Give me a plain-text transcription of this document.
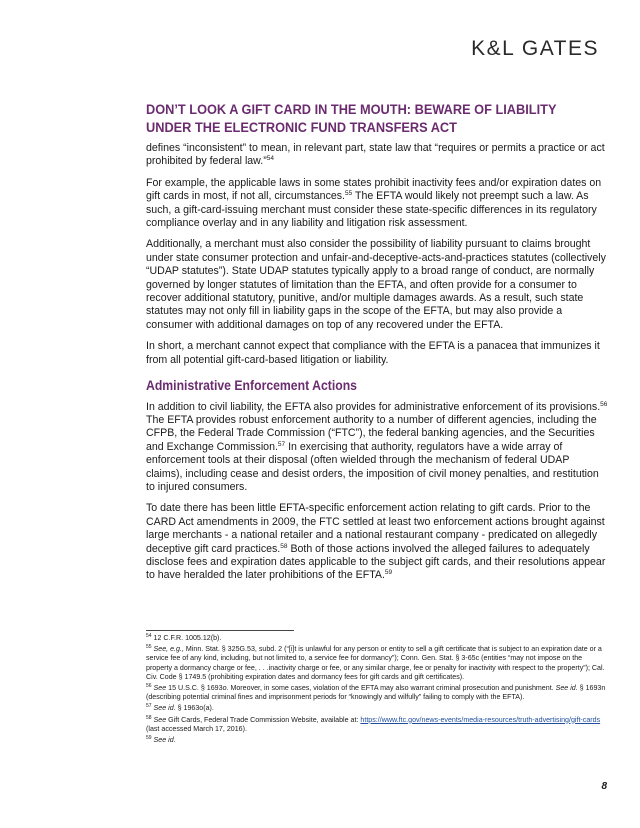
K&L GATES
DON’T LOOK A GIFT CARD IN THE MOUTH: BEWARE OF LIABILITY UNDER THE ELECTRONIC FUND TRANSFERS ACT

defines “inconsistent” to mean, in relevant part, state law that “requires or permits a practice or act prohibited by federal law.”$^{54}$

For example, the applicable laws in some states prohibit inactivity fees and/or expiration dates on gift cards in most, if not all, circumstances.$^{55}$ The EFTA would likely not preempt such a law. As such, a gift-card-issuing merchant must consider these state-specific differences in its regulatory compliance overlay and in any liability and litigation risk assessment.

Additionally, a merchant must also consider the possibility of liability pursuant to claims brought under state consumer protection and unfair-and-deceptive-acts-and-practices statutes (collectively “UDAP statutes”). State UDAP statutes typically apply to a broad range of conduct, are normally governed by longer statutes of limitation than the EFTA, and often provide for a consumer to recover additional statutory, punitive, and/or multiple damages awards. As a result, such state statutes may not only fill in liability gaps in the scope of the EFTA, but may also provide a consumer with additional damages on top of any recovered under the EFTA.

In short, a merchant cannot expect that compliance with the EFTA is a panacea that immunizes it from all potential gift-card-based litigation or liability.

Administrative Enforcement Actions

In addition to civil liability, the EFTA also provides for administrative enforcement of its provisions.$^{56}$ The EFTA provides robust enforcement authority to a number of different agencies, including the CFPB, the Federal Trade Commission (“FTC”), the federal banking agencies, and the Securities and Exchange Commission.$^{57}$ In exercising that authority, regulators have a wide array of enforcement tools at their disposal (often wielded through the mechanism of federal UDAP claims), including cease and desist orders, the imposition of civil money penalties, and restitution to injured consumers.

To date there has been little EFTA-specific enforcement action relating to gift cards. Prior to the CARD Act amendments in 2009, the FTC settled at least two enforcement actions brought against large merchants - a national retailer and a national restaurant company - predicated on allegedly deceptive gift card practices.$^{58}$ Both of those actions involved the alleged failures to adequately disclose fees and expiration dates applicable to the subject gift cards, and their resolutions appear to have heralded the later prohibitions of the EFTA.$^{59}$

$^{54}$ 12 C.F.R. 1005.12(b).
$^{55}$ See, e.g., Minn. Stat. § 325G.53, subd. 2 (“[i]t is unlawful for any person or entity to sell a gift certificate that is subject to an expiration date or a service fee of any kind, including, but not limited to, a service fee for dormancy”); Conn. Gen. Stat. § 3-65c (entities “may not impose on the property a dormancy charge or fee, . . .inactivity charge or fee, or any similar charge, fee or penalty for inactivity with respect to the property”); Cal. Civ. Code § 1749.5 (prohibiting expiration dates and dormancy fees for gift cards and gift certificates).
$^{56}$ See 15 U.S.C. § 1693o. Moreover, in some cases, violation of the EFTA may also warrant criminal prosecution and punishment. See id. § 1693n (describing potential criminal fines and imprisonment periods for “knowingly and wilfully” failing to comply with the EFTA).
$^{57}$ See id. § 1963o(a).
$^{58}$ See Gift Cards, Federal Trade Commission Website, available at: https://www.ftc.gov/news-events/media-resources/truth-advertising/gift-cards (last accessed March 17, 2016).
$^{59}$ See id.
8
